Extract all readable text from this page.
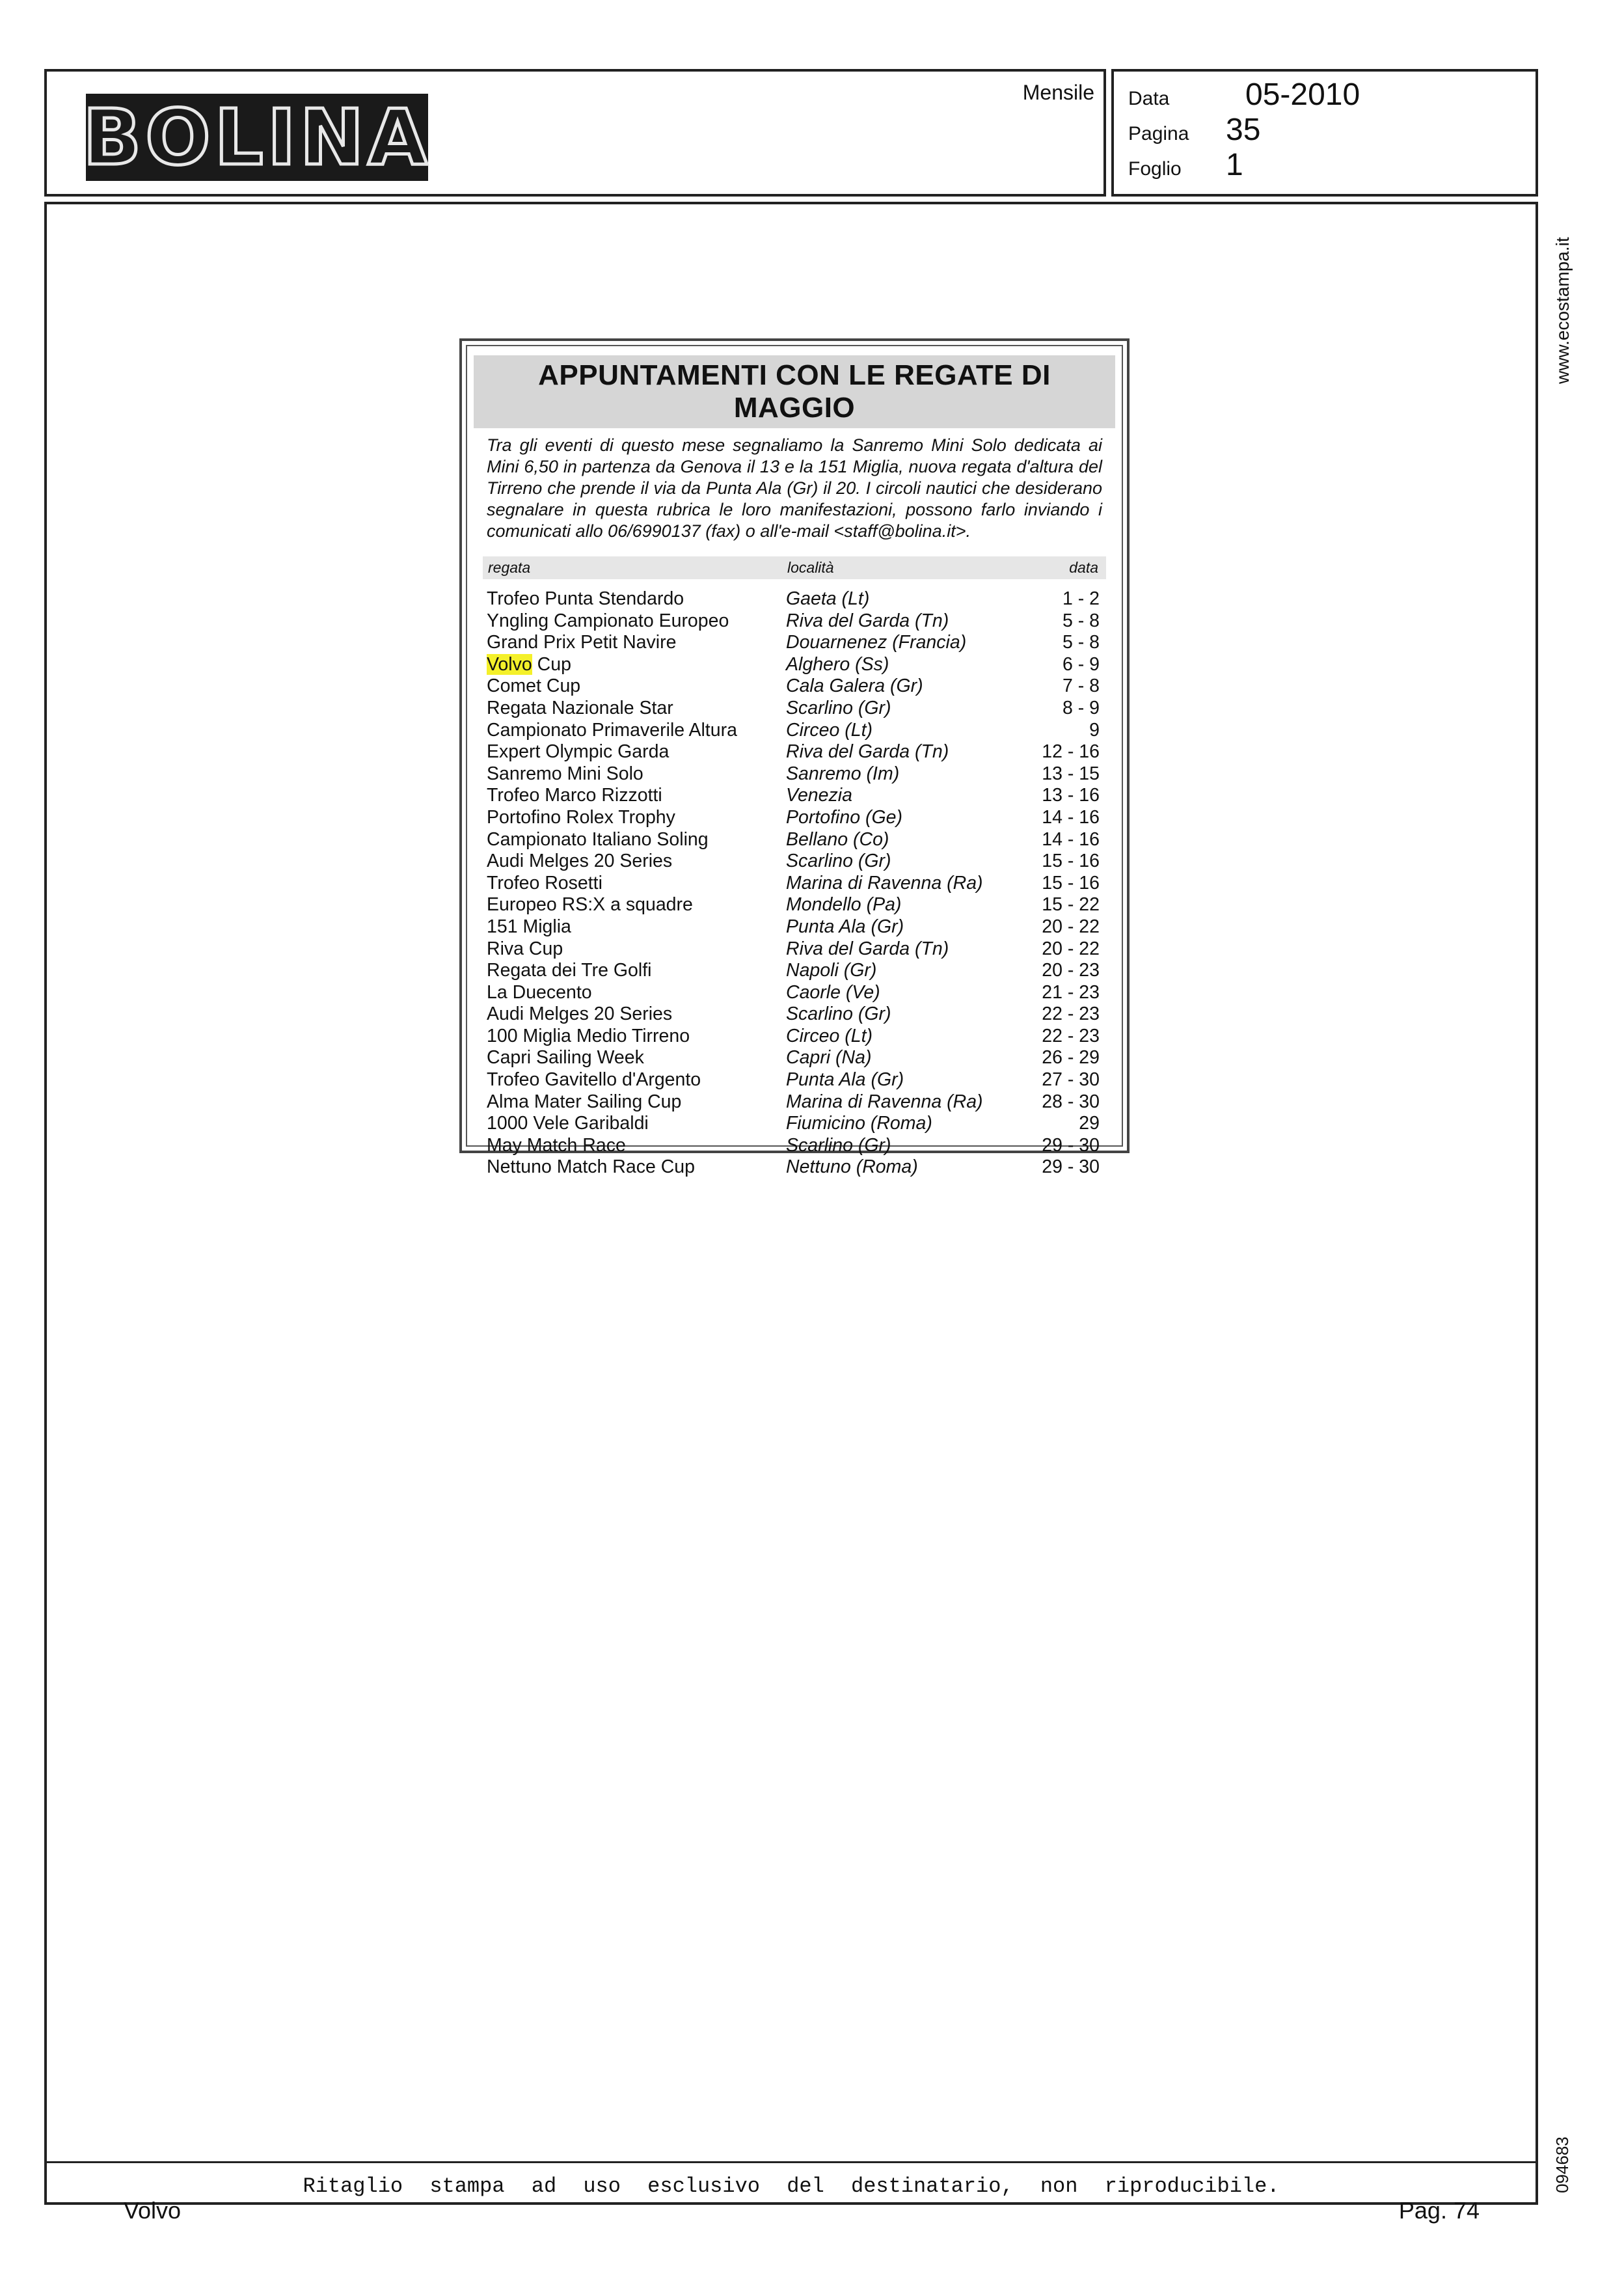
BOLINA	Mensile Data	05-2010
Pagina	35
Foglio	1
www.ecostampa.it
094683
Ritaglio stampa ad uso esclusivo del destinatario, non riproducibile.
APPUNTAMENTI CON LE REGATE DI MAGGIO
Tra gli eventi di questo mese segnaliamo la Sanremo Mini Solo dedicata ai Mini 6,50 in partenza da Genova il 13 e la 151 Miglia, nuova regata d'altura del Tirreno che prende il via da Punta Ala (Gr) il 20. I circoli nautici che desiderano segnalare in questa rubrica le loro manifestazioni, possono farlo inviando i comunicati allo 06/6990137 (fax) o all'e-mail <staff@bolina.it>.
regata	località	data
Trofeo Punta Stendardo	Gaeta (Lt)	1 - 2
Yngling Campionato Europeo	Riva del Garda (Tn)	5 - 8
Grand Prix Petit Navire	Douarnenez (Francia)	5 - 8
Volvo Cup	Alghero (Ss)	6 - 9
Comet Cup	Cala Galera (Gr)	7 - 8
Regata Nazionale Star	Scarlino (Gr)	8 - 9
Campionato Primaverile Altura	Circeo (Lt)	9
Expert Olympic Garda	Riva del Garda (Tn)	12 - 16
Sanremo Mini Solo	Sanremo (Im)	13 - 15
Trofeo Marco Rizzotti	Venezia	13 - 16
Portofino Rolex Trophy	Portofino (Ge)	14 - 16
Campionato Italiano Soling	Bellano (Co)	14 - 16
Audi Melges 20 Series	Scarlino (Gr)	15 - 16
Trofeo Rosetti	Marina di Ravenna (Ra)	15 - 16
Europeo RS:X a squadre	Mondello (Pa)	15 - 22
151 Miglia	Punta Ala (Gr)	20 - 22
Riva Cup	Riva del Garda (Tn)	20 - 22
Regata dei Tre Golfi	Napoli (Gr)	20 - 23
La Duecento	Caorle (Ve)	21 - 23
Audi Melges 20 Series	Scarlino (Gr)	22 - 23
100 Miglia Medio Tirreno	Circeo (Lt)	22 - 23
Capri Sailing Week	Capri (Na)	26 - 29
Trofeo Gavitello d'Argento	Punta Ala (Gr)	27 - 30
Alma Mater Sailing Cup	Marina di Ravenna (Ra)	28 - 30
1000 Vele Garibaldi	Fiumicino (Roma)	29
May Match Race	Scarlino (Gr)	29 - 30
Nettuno Match Race Cup	Nettuno (Roma)	29 - 30
Volvo	Pag. 74
